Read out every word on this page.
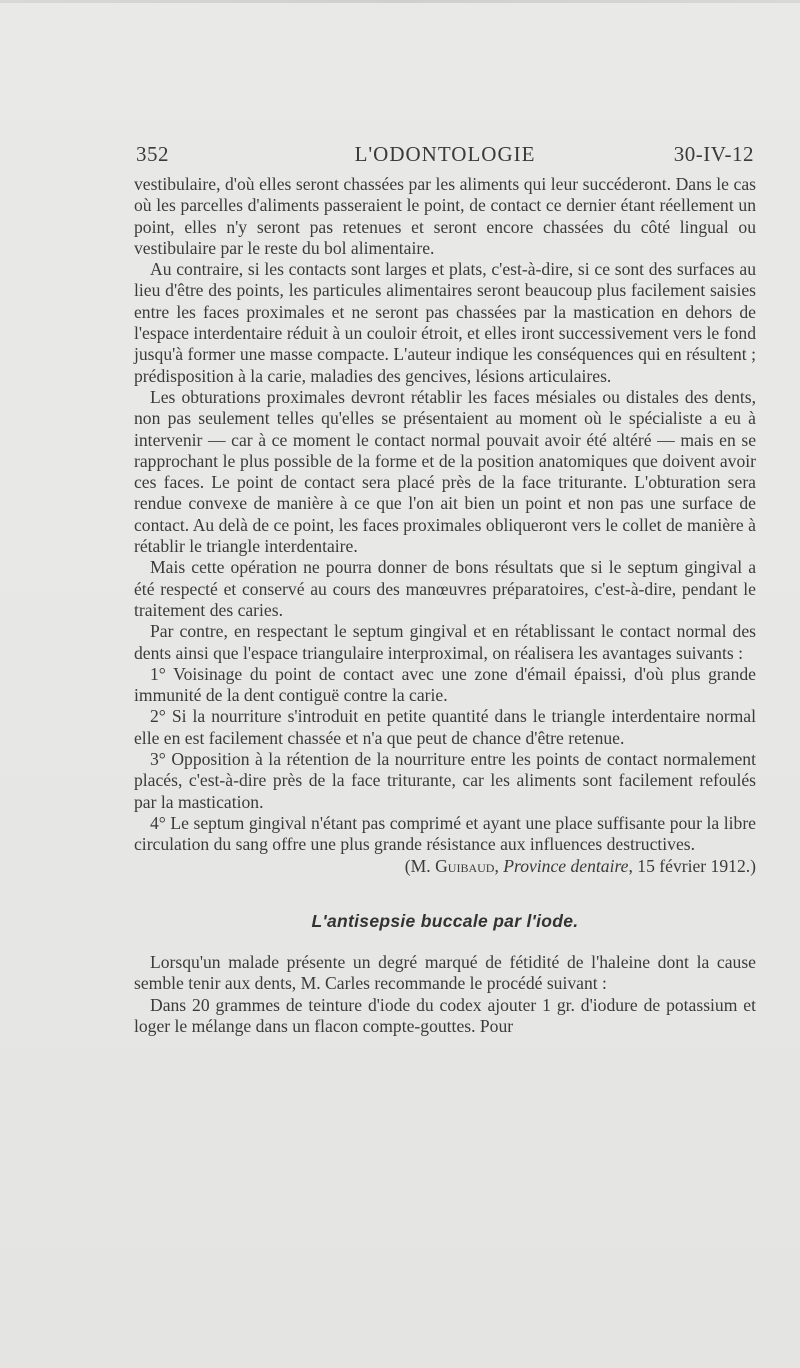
352	L'ODONTOLOGIE	30-IV-12

vestibulaire, d'où elles seront chassées par les aliments qui leur succéderont. Dans le cas où les parcelles d'aliments passeraient le point, de contact ce dernier étant réellement un point, elles n'y seront pas retenues et seront encore chassées du côté lingual ou vestibulaire par le reste du bol alimentaire.

Au contraire, si les contacts sont larges et plats, c'est-à-dire, si ce sont des surfaces au lieu d'être des points, les particules alimentaires seront beaucoup plus facilement saisies entre les faces proximales et ne seront pas chassées par la mastication en dehors de l'espace interdentaire réduit à un couloir étroit, et elles iront successivement vers le fond jusqu'à former une masse compacte. L'auteur indique les conséquences qui en résultent ; prédisposition à la carie, maladies des gencives, lésions articulaires.

Les obturations proximales devront rétablir les faces mésiales ou distales des dents, non pas seulement telles qu'elles se présentaient au moment où le spécialiste a eu à intervenir — car à ce moment le contact normal pouvait avoir été altéré — mais en se rapprochant le plus possible de la forme et de la position anatomiques que doivent avoir ces faces. Le point de contact sera placé près de la face triturante. L'obturation sera rendue convexe de manière à ce que l'on ait bien un point et non pas une surface de contact. Au delà de ce point, les faces proximales obliqueront vers le collet de manière à rétablir le triangle interdentaire.

Mais cette opération ne pourra donner de bons résultats que si le septum gingival a été respecté et conservé au cours des manœuvres préparatoires, c'est-à-dire, pendant le traitement des caries.

Par contre, en respectant le septum gingival et en rétablissant le contact normal des dents ainsi que l'espace triangulaire interproximal, on réalisera les avantages suivants :

1° Voisinage du point de contact avec une zone d'émail épaissi, d'où plus grande immunité de la dent contiguë contre la carie.

2° Si la nourriture s'introduit en petite quantité dans le triangle interdentaire normal elle en est facilement chassée et n'a que peut de chance d'être retenue.

3° Opposition à la rétention de la nourriture entre les points de contact normalement placés, c'est-à-dire près de la face triturante, car les aliments sont facilement refoulés par la mastication.

4° Le septum gingival n'étant pas comprimé et ayant une place suffisante pour la libre circulation du sang offre une plus grande résistance aux influences destructives.

(M. Guibaud, Province dentaire, 15 février 1912.)

L'antisepsie buccale par l'iode.

Lorsqu'un malade présente un degré marqué de fétidité de l'haleine dont la cause semble tenir aux dents, M. Carles recommande le procédé suivant :

Dans 20 grammes de teinture d'iode du codex ajouter 1 gr. d'iodure de potassium et loger le mélange dans un flacon compte-gouttes. Pour
